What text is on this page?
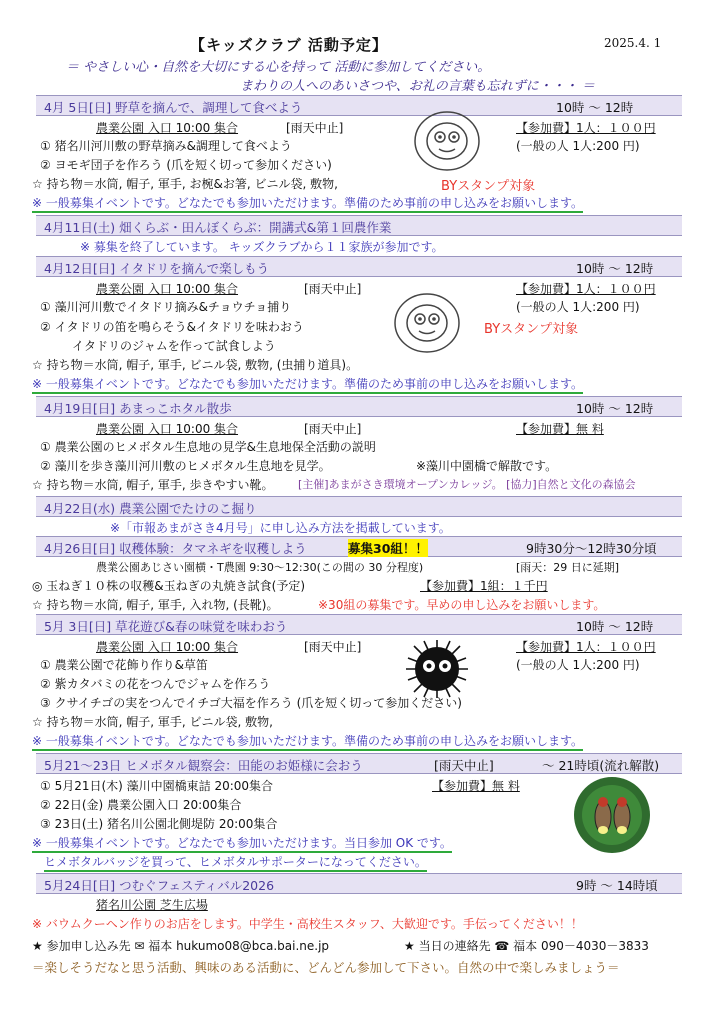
【キッズクラブ 活動予定】	2025.4. 1
＝ やさしい心・自然を大切にする心を持って 活動に参加してください。
まわりの人へのあいさつや、お礼の言葉も忘れずに・・・ ＝
4月 5日[日] 野草を摘んで、調理して食べよう	10時 ～ 12時
農業公園 入口 10:00 集合	[雨天中止]	【参加費】1人：１００円
① 猪名川河川敷の野草摘み&調理して食べよう	(一般の人 1人:200 円)
② ヨモギ団子を作ろう (爪を短く切って参加ください)
☆ 持ち物＝水筒, 帽子, 軍手, お椀&お箸, ビニル袋, 敷物,	BYスタンプ対象
※ 一般募集イベントです。どなたでも参加いただけます。準備のため事前の申し込みをお願いします。
4月11日(土) 畑くらぶ・田んぼくらぶ：開講式&第１回農作業
※ 募集を終了しています。 キッズクラブから１１家族が参加です。
4月12日[日] イタドリを摘んで楽しもう	10時 ～ 12時
農業公園 入口 10:00 集合	[雨天中止]	【参加費】1人：１００円
① 藻川河川敷でイタドリ摘み&チョウチョ捕り	(一般の人 1人:200 円)
② イタドリの笛を鳴らそう&イタドリを味わおう	BYスタンプ対象
イタドリのジャムを作って試食しよう
☆ 持ち物＝水筒, 帽子, 軍手, ビニル袋, 敷物, (虫捕り道具)。
※ 一般募集イベントです。どなたでも参加いただけます。準備のため事前の申し込みをお願いします。
4月19日[日] あまっこホタル散歩	10時 ～ 12時
農業公園 入口 10:00 集合	[雨天中止]	【参加費】無 料
① 農業公園のヒメボタル生息地の見学&生息地保全活動の説明
② 藻川を歩き藻川河川敷のヒメボタル生息地を見学。	※藻川中園橋で解散です。
☆ 持ち物＝水筒, 帽子, 軍手, 歩きやすい靴。 [主催]あまがさき環境オープンカレッジ。 [協力]自然と文化の森協会
4月22日(水) 農業公園でたけのこ掘り
※「市報あまがさき4月号」に申し込み方法を掲載しています。
4月26日[日] 収穫体験：タマネギを収穫しよう	募集30組！！	9時30分～12時30分頃
農業公園あじさい園横・T農園 9:30～12:30(この間の 30 分程度)	[雨天：29 日に延期]
◎ 玉ねぎ１０株の収穫&玉ねぎの丸焼き試食(予定)	【参加費】1組：１千円
☆ 持ち物＝水筒, 帽子, 軍手, 入れ物, (長靴)。	※30組の募集です。早めの申し込みをお願いします。
5月 3日[日] 草花遊び&春の味覚を味わおう	10時 ～ 12時
農業公園 入口 10:00 集合	[雨天中止]	【参加費】1人：１００円
① 農業公園で花飾り作り&草笛	(一般の人 1人:200 円)
② 紫カタバミの花をつんでジャムを作ろう
③ クサイチゴの実をつんでイチゴ大福を作ろう (爪を短く切って参加ください)
☆ 持ち物＝水筒, 帽子, 軍手, ビニル袋, 敷物,
※ 一般募集イベントです。どなたでも参加いただけます。準備のため事前の申し込みをお願いします。
5月21～23日 ヒメボタル観察会：田能のお姫様に会おう	[雨天中止]	～ 21時頃(流れ解散)
① 5月21日(木) 藻川中園橋東詰 20:00集合	【参加費】無 料
② 22日(金) 農業公園入口 20:00集合
③ 23日(土) 猪名川公園北側堤防 20:00集合
※ 一般募集イベントです。どなたでも参加いただけます。当日参加 OK です。
ヒメボタルバッジを買って、ヒメボタルサポーターになってください。
5月24日[日] つむぐフェスティバル2026	9時 ～ 14時頃
猪名川公園 芝生広場
※ バウムクーヘン作りのお店をします。中学生・高校生スタッフ、大歓迎です。手伝ってください！！
★ 参加申し込み先 ✉ 福本 hukumo08@bca.bai.ne.jp	★ 当日の連絡先 ☎ 福本 090－4030－3833
＝楽しそうだなと思う活動、興味のある活動に、どんどん参加して下さい。自然の中で楽しみましょう＝
